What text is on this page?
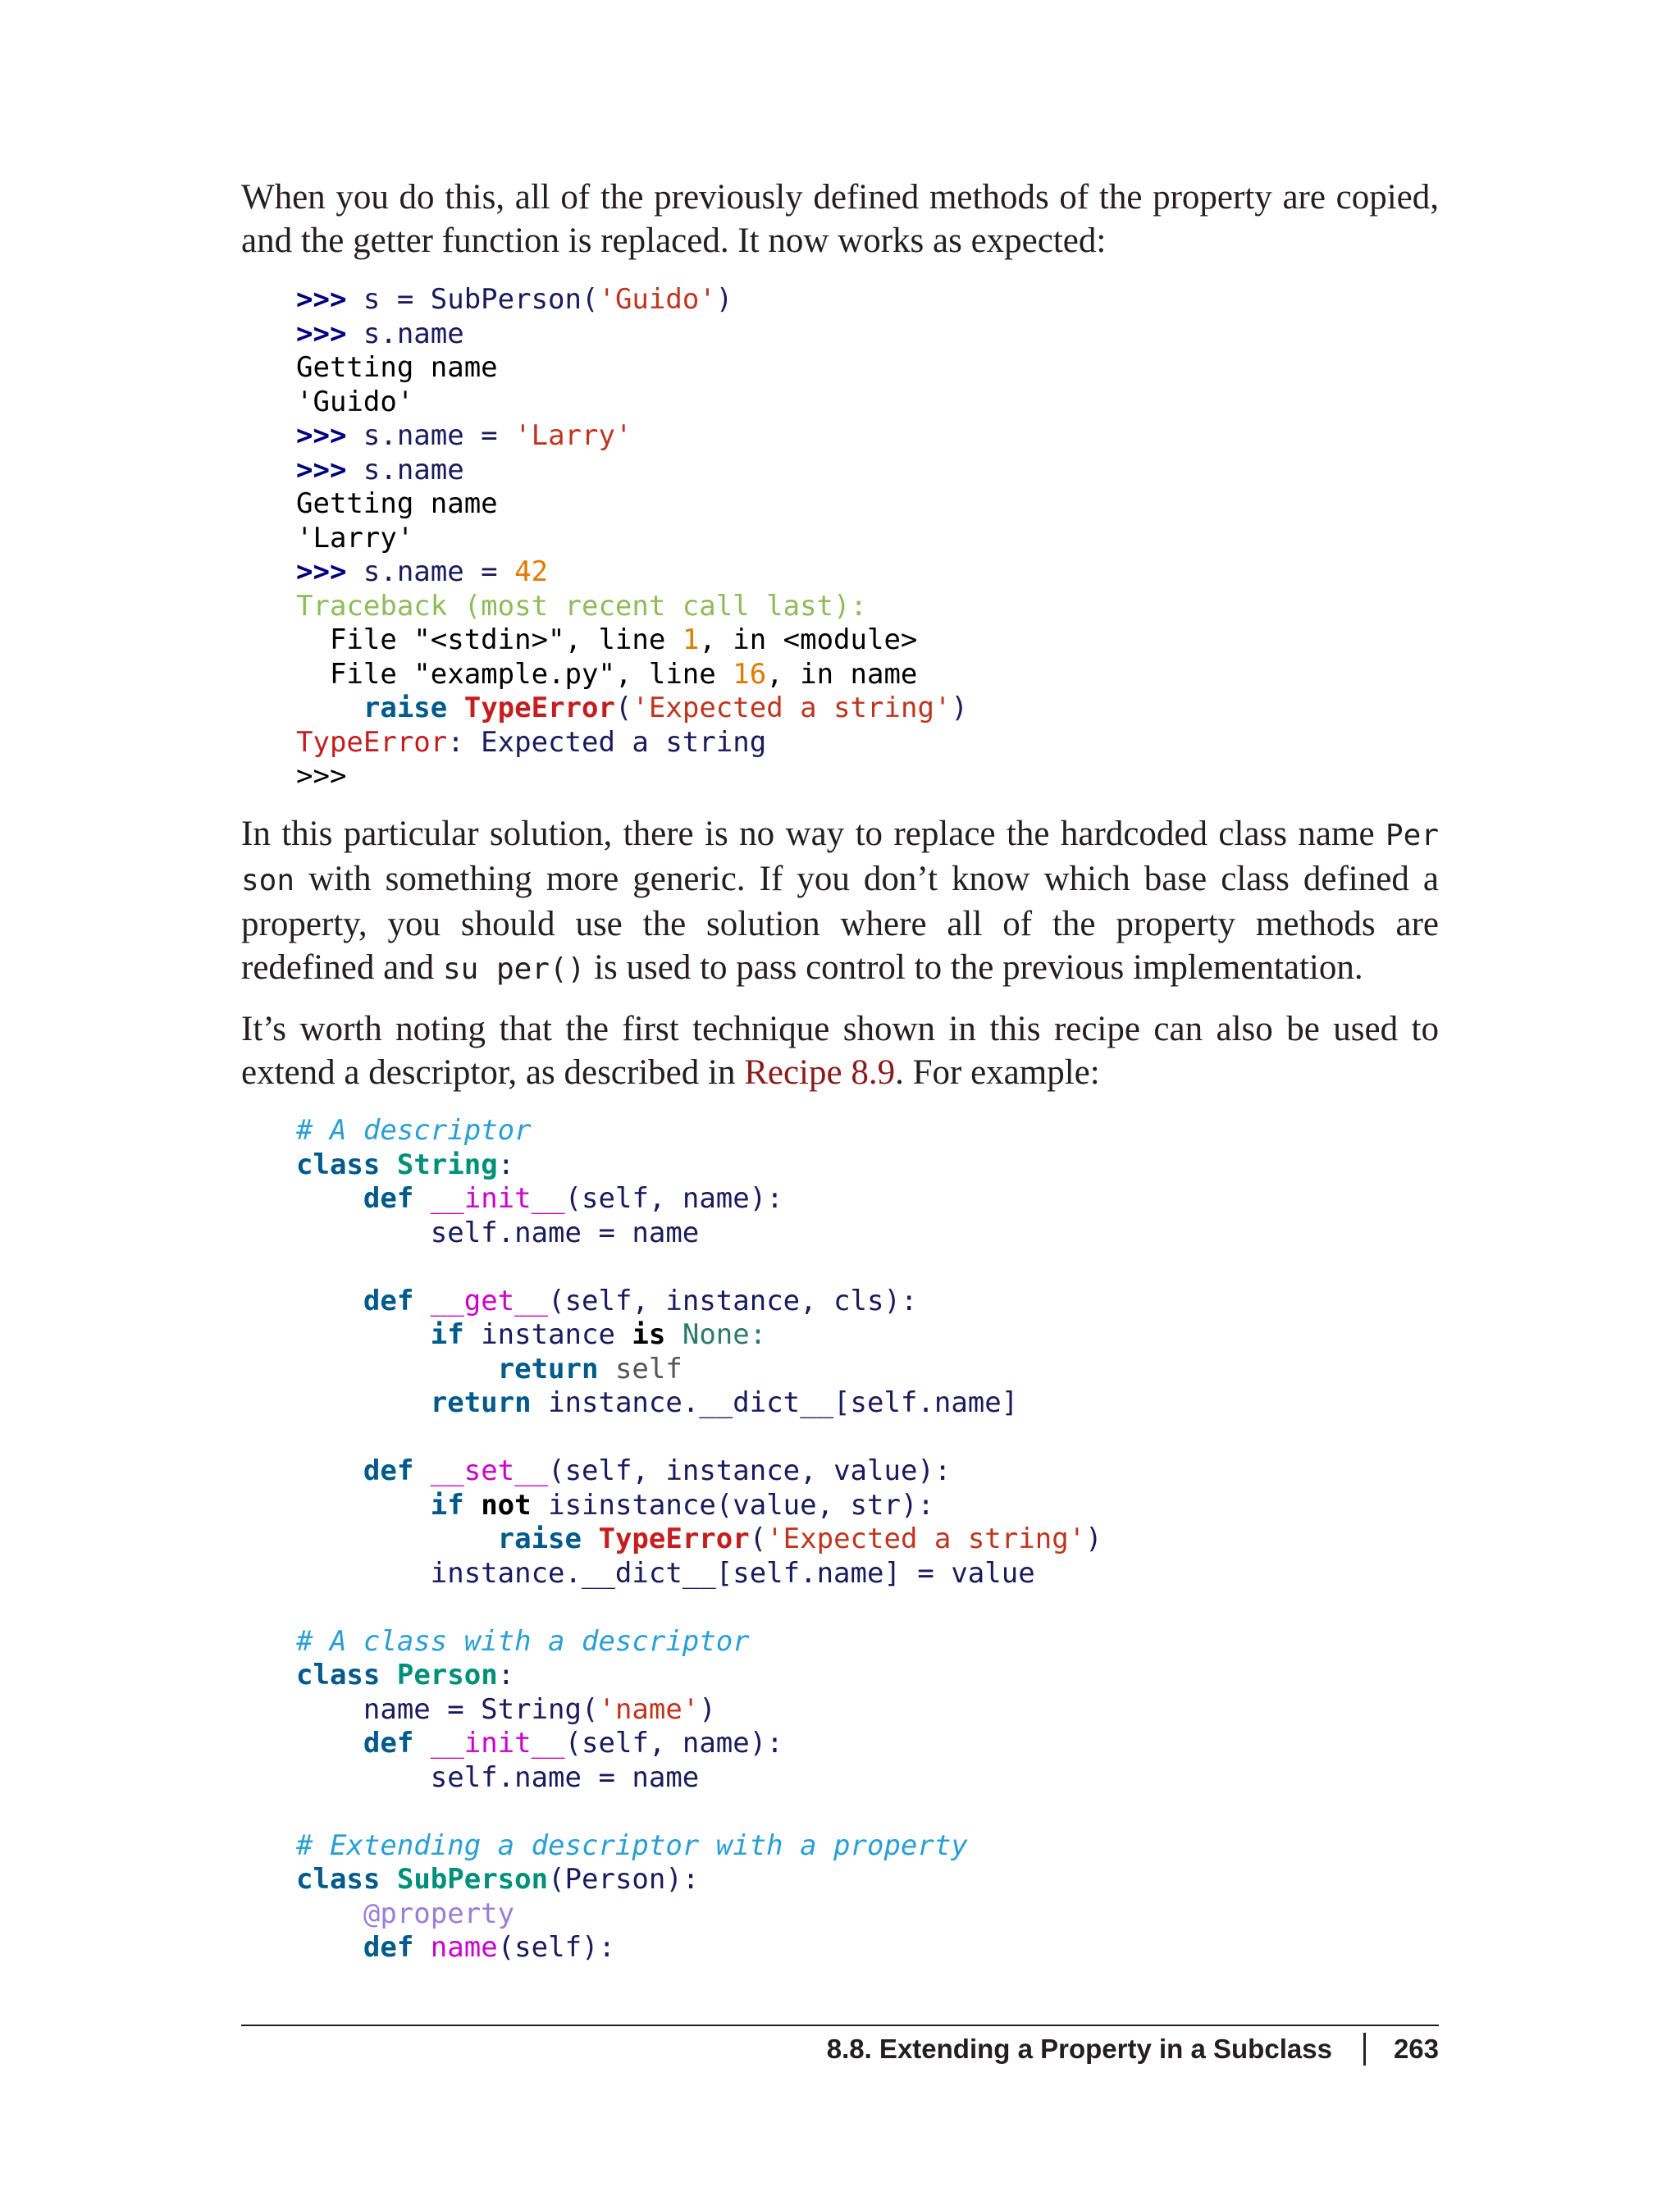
When you do this, all of the previously defined methods of the property are copied, and the getter function is replaced. It now works as expected:

>>> s = SubPerson('Guido')
>>> s.name
Getting name
'Guido'
>>> s.name = 'Larry'
>>> s.name
Getting name
'Larry'
>>> s.name = 42
Traceback (most recent call last):
File "<stdin>", line 1, in <module>
File "example.py", line 16, in name
raise TypeError('Expected a string')
TypeError: Expected a string
>>>

In this particular solution, there is no way to replace the hardcoded class name Per son with something more generic. If you don’t know which base class defined a property, you should use the solution where all of the property methods are redefined and su per() is used to pass control to the previous implementation.

It’s worth noting that the first technique shown in this recipe can also be used to extend a descriptor, as described in Recipe 8.9. For example:

# A descriptor
class String:
def __init__(self, name):
self.name = name

def __get__(self, instance, cls):
if instance is None:
return self
return instance.__dict__[self.name]

def __set__(self, instance, value):
if not isinstance(value, str):
raise TypeError('Expected a string')
instance.__dict__[self.name] = value

# A class with a descriptor
class Person:
name = String('name')
def __init__(self, name):
self.name = name

# Extending a descriptor with a property
class SubPerson(Person):
@property
def name(self):
8.8. Extending a Property in a Subclass 263
